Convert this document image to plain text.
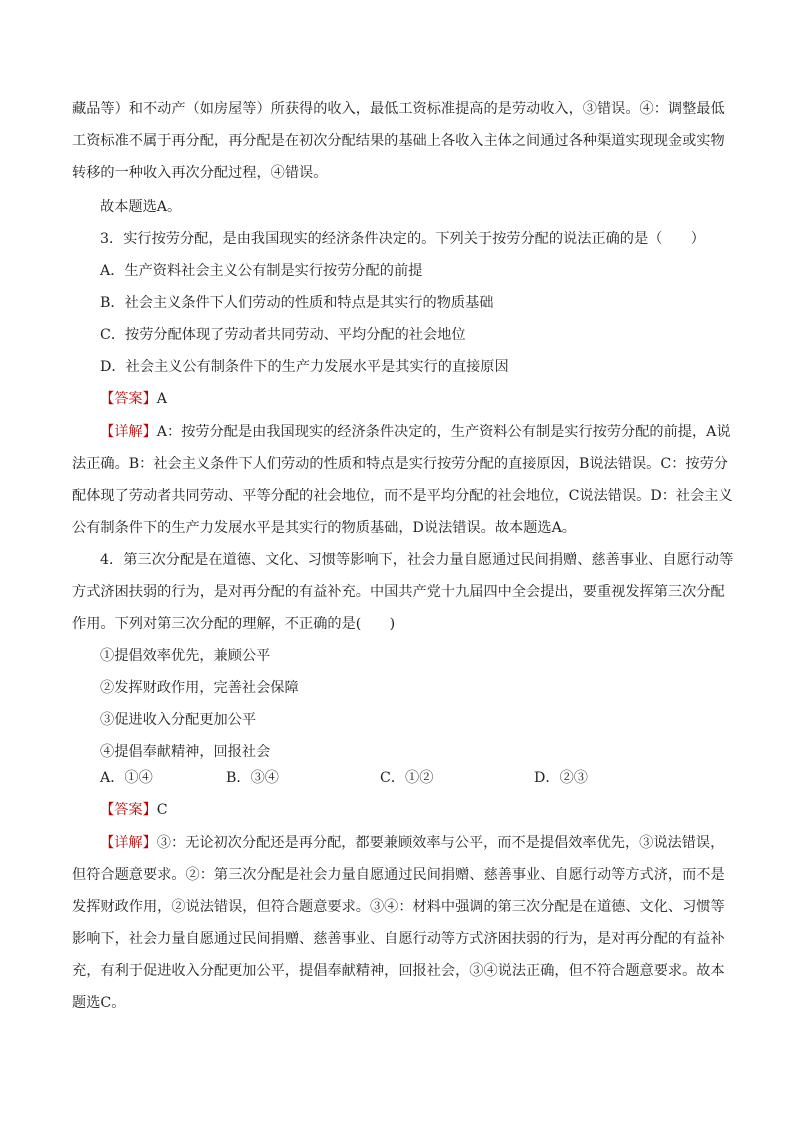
藏品等）和不动产（如房屋等）所获得的收入，最低工资标准提高的是劳动收入，③错误。④：调整最低
工资标准不属于再分配，再分配是在初次分配结果的基础上各收入主体之间通过各种渠道实现现金或实物
转移的一种收入再次分配过程，④错误。
故本题选A。
3．实行按劳分配，是由我国现实的经济条件决定的。下列关于按劳分配的说法正确的是（　　）
A．生产资料社会主义公有制是实行按劳分配的前提
B．社会主义条件下人们劳动的性质和特点是其实行的物质基础
C．按劳分配体现了劳动者共同劳动、平均分配的社会地位
D．社会主义公有制条件下的生产力发展水平是其实行的直接原因
【答案】A
【详解】A：按劳分配是由我国现实的经济条件决定的，生产资料公有制是实行按劳分配的前提，A说
法正确。B：社会主义条件下人们劳动的性质和特点是实行按劳分配的直接原因，B说法错误。C：按劳分
配体现了劳动者共同劳动、平等分配的社会地位，而不是平均分配的社会地位，C说法错误。D：社会主义
公有制条件下的生产力发展水平是其实行的物质基础，D说法错误。故本题选A。
4．第三次分配是在道德、文化、习惯等影响下，社会力量自愿通过民间捐赠、慈善事业、自愿行动等
方式济困扶弱的行为，是对再分配的有益补充。中国共产党十九届四中全会提出，要重视发挥第三次分配
作用。下列对第三次分配的理解，不正确的是(　　)
①提倡效率优先，兼顾公平
②发挥财政作用，完善社会保障
③促进收入分配更加公平
④提倡奉献精神，回报社会
A．①④	B．③④	C．①②	D．②③
【答案】C
【详解】③：无论初次分配还是再分配，都要兼顾效率与公平，而不是提倡效率优先，③说法错误，
但符合题意要求。②：第三次分配是社会力量自愿通过民间捐赠、慈善事业、自愿行动等方式济，而不是
发挥财政作用，②说法错误，但符合题意要求。③④：材料中强调的第三次分配是在道德、文化、习惯等
影响下，社会力量自愿通过民间捐赠、慈善事业、自愿行动等方式济困扶弱的行为，是对再分配的有益补
充，有利于促进收入分配更加公平，提倡奉献精神，回报社会，③④说法正确，但不符合题意要求。故本
题选C。
